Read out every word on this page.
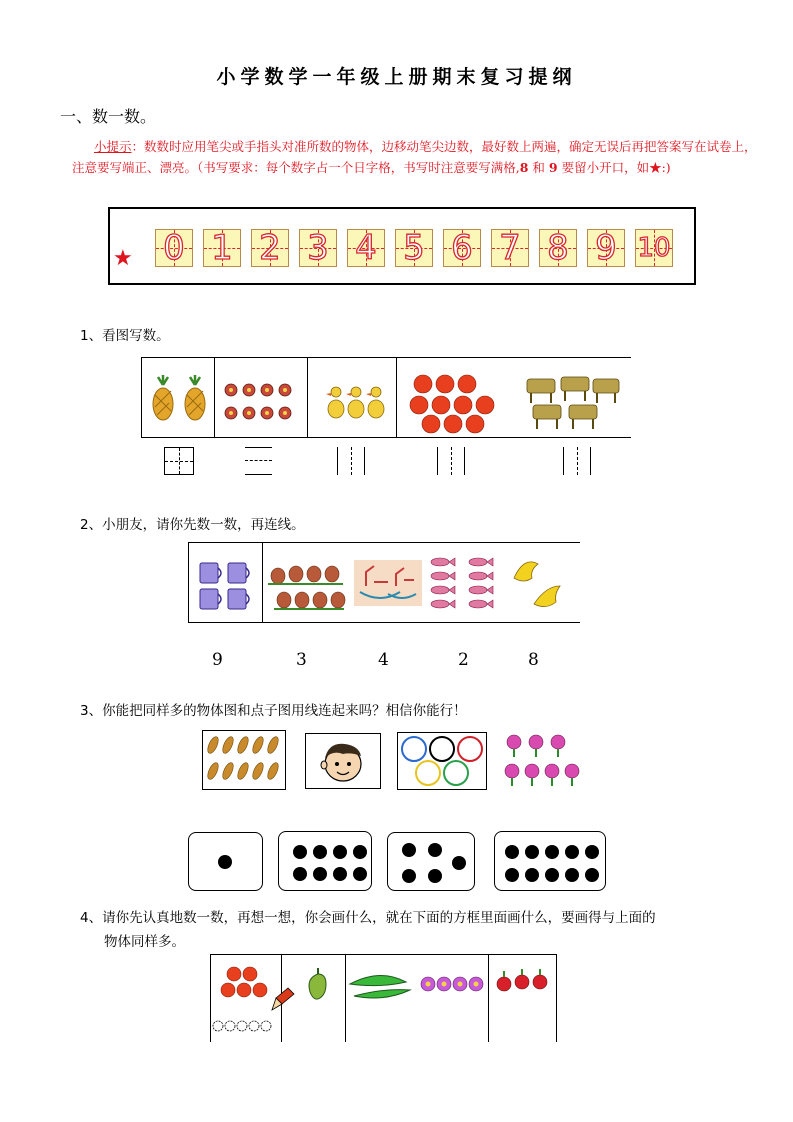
小学数学一年级上册期末复习提纲
一、数一数。
小提示：数数时应用笔尖或手指头对准所数的物体，边移动笔尖边数，最好数上两遍，确定无误后再把答案写在试卷上，注意要写端正、漂亮。（书写要求：每个数字占一个日字格，书写时注意要写满格,8 和 9 要留小开口，如★:)
★ 0 1 2 3 4 5 6 7 8 9 10
1、看图写数。
2、小朋友，请你先数一数，再连线。
9	3	4	2	8
3、你能把同样多的物体图和点子图用线连起来吗？相信你能行！
4、请你先认真地数一数，再想一想，你会画什么，就在下面的方框里面画什么，要画得与上面的
物体同样多。
